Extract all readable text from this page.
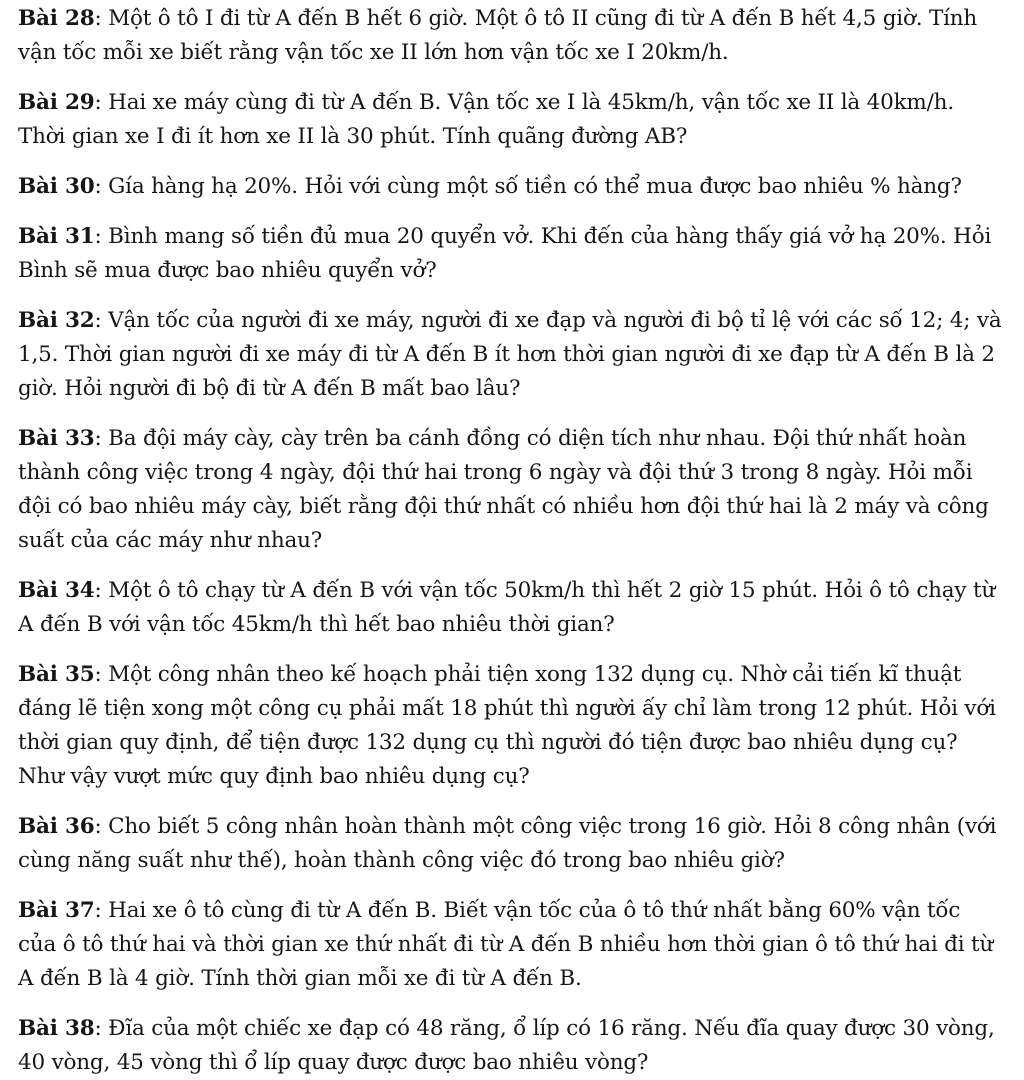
Bài 28: Một ô tô I đi từ A đến B hết 6 giờ. Một ô tô II cũng đi từ A đến B hết 4,5 giờ. Tính vận tốc mỗi xe biết rằng vận tốc xe II lớn hơn vận tốc xe I 20km/h.

Bài 29: Hai xe máy cùng đi từ A đến B. Vận tốc xe I là 45km/h, vận tốc xe II là 40km/h. Thời gian xe I đi ít hơn xe II là 30 phút. Tính quãng đường AB?

Bài 30: Gía hàng hạ 20%. Hỏi với cùng một số tiền có thể mua được bao nhiêu % hàng?

Bài 31: Bình mang số tiền đủ mua 20 quyển vở. Khi đến của hàng thấy giá vở hạ 20%. Hỏi Bình sẽ mua được bao nhiêu quyển vở?

Bài 32: Vận tốc của người đi xe máy, người đi xe đạp và người đi bộ tỉ lệ với các số 12; 4; và 1,5. Thời gian người đi xe máy đi từ A đến B ít hơn thời gian người đi xe đạp từ A đến B là 2 giờ. Hỏi người đi bộ đi từ A đến B mất bao lâu?

Bài 33: Ba đội máy cày, cày trên ba cánh đồng có diện tích như nhau. Đội thứ nhất hoàn thành công việc trong 4 ngày, đội thứ hai trong 6 ngày và đội thứ 3 trong 8 ngày. Hỏi mỗi đội có bao nhiêu máy cày, biết rằng đội thứ nhất có nhiều hơn đội thứ hai là 2 máy và công suất của các máy như nhau?

Bài 34: Một ô tô chạy từ A đến B với vận tốc 50km/h thì hết 2 giờ 15 phút. Hỏi ô tô chạy từ A đến B với vận tốc 45km/h thì hết bao nhiêu thời gian?

Bài 35: Một công nhân theo kế hoạch phải tiện xong 132 dụng cụ. Nhờ cải tiến kĩ thuật đáng lẽ tiện xong một công cụ phải mất 18 phút thì người ấy chỉ làm trong 12 phút. Hỏi với thời gian quy định, để tiện được 132 dụng cụ thì người đó tiện được bao nhiêu dụng cụ? Như vậy vượt mức quy định bao nhiêu dụng cụ?

Bài 36: Cho biết 5 công nhân hoàn thành một công việc trong 16 giờ. Hỏi 8 công nhân (với cùng năng suất như thế), hoàn thành công việc đó trong bao nhiêu giờ?

Bài 37: Hai xe ô tô cùng đi từ A đến B. Biết vận tốc của ô tô thứ nhất bằng 60% vận tốc của ô tô thứ hai và thời gian xe thứ nhất đi từ A đến B nhiều hơn thời gian ô tô thứ hai đi từ A đến B là 4 giờ. Tính thời gian mỗi xe đi từ A đến B.

Bài 38: Đĩa của một chiếc xe đạp có 48 răng, ổ líp có 16 răng. Nếu đĩa quay được 30 vòng, 40 vòng, 45 vòng thì ổ líp quay được được bao nhiêu vòng?
